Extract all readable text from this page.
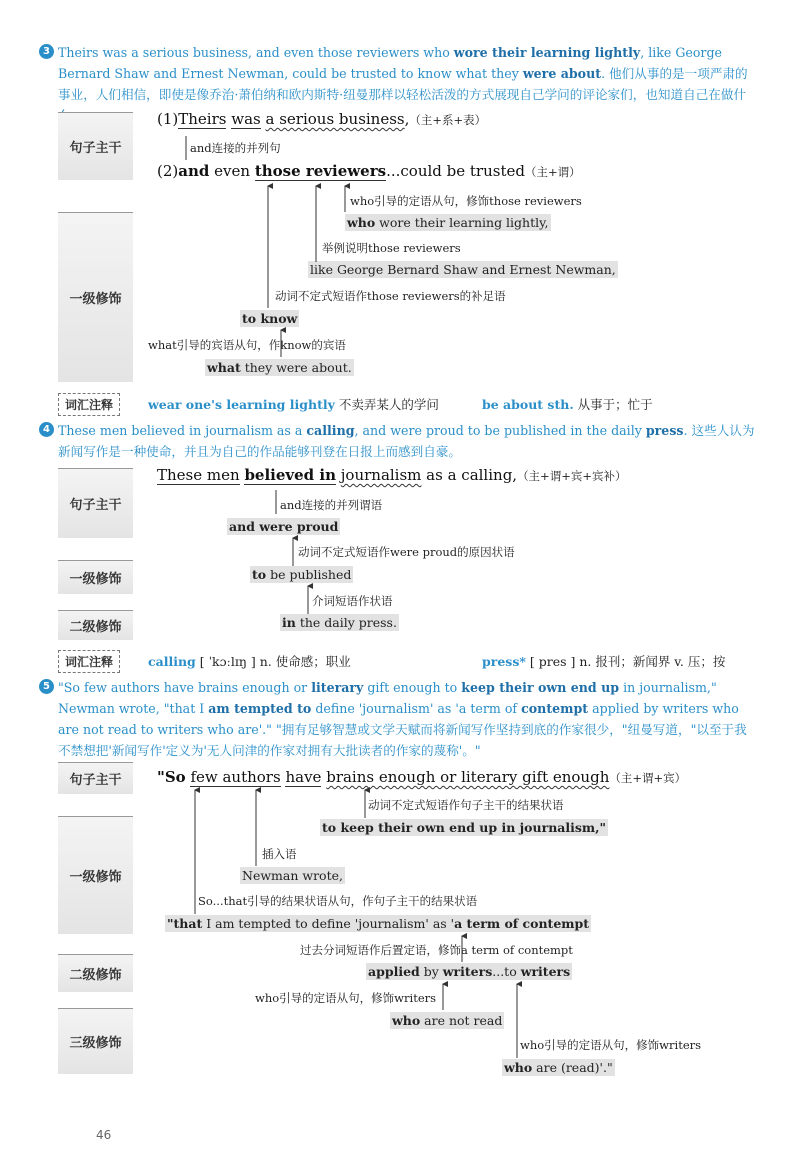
3 Theirs was a serious business, and even those reviewers who wore their learning lightly, like George Bernard Shaw and Ernest Newman, could be trusted to know what they were about. 他们从事的是一项严肃的事业，人们相信，即使是像乔治·萧伯纳和欧内斯特·纽曼那样以轻松活泼的方式展现自己学问的评论家们，也知道自己在做什
句子主干
一级修饰
(1)Theirs was a serious business,（主+系+表）
and连接的并列句
(2)and even those reviewers...could be trusted（主+谓）
who引导的定语从句，修饰those reviewers
who wore their learning lightly,
举例说明those reviewers
like George Bernard Shaw and Ernest Newman,
动词不定式短语作those reviewers的补足语
to know
what引导的宾语从句，作know的宾语
what they were about.
词汇注释	wear one's learning lightly 不卖弄某人的学问	be about sth. 从事于；忙于
4 These men believed in journalism as a calling, and were proud to be published in the daily press. 这些人认为新闻写作是一种使命，并且为自己的作品能够刊登在日报上而感到自豪。
句子主干
一级修饰
二级修饰
These men believed in journalism as a calling,（主+谓+宾+宾补）
and连接的并列谓语
and were proud
动词不定式短语作were proud的原因状语
to be published
介词短语作状语
in the daily press.
词汇注释	calling [ ˈkɔːlɪŋ ] n. 使命感；职业	press* [ pres ] n. 报刊；新闻界 v. 压；按
5 "So few authors have brains enough or literary gift enough to keep their own end up in journalism," Newman wrote, "that I am tempted to define 'journalism' as 'a term of contempt applied by writers who are not read to writers who are'." "拥有足够智慧或文学天赋而将新闻写作坚持到底的作家很少，"纽曼写道，"以至于我不禁想把'新闻写作'定义为'无人问津的作家对拥有大批读者的作家的蔑称'。"
句子主干
一级修饰
二级修饰
三级修饰
"So few authors have brains enough or literary gift enough（主+谓+宾）
动词不定式短语作句子主干的结果状语
to keep their own end up in journalism,"
插入语
Newman wrote,
So...that引导的结果状语从句，作句子主干的结果状语
"that I am tempted to define 'journalism' as 'a term of contempt
过去分词短语作后置定语，修饰a term of contempt
applied by writers...to writers
who引导的定语从句，修饰writers
who are not read
who引导的定语从句，修饰writers
who are (read)'."
46
